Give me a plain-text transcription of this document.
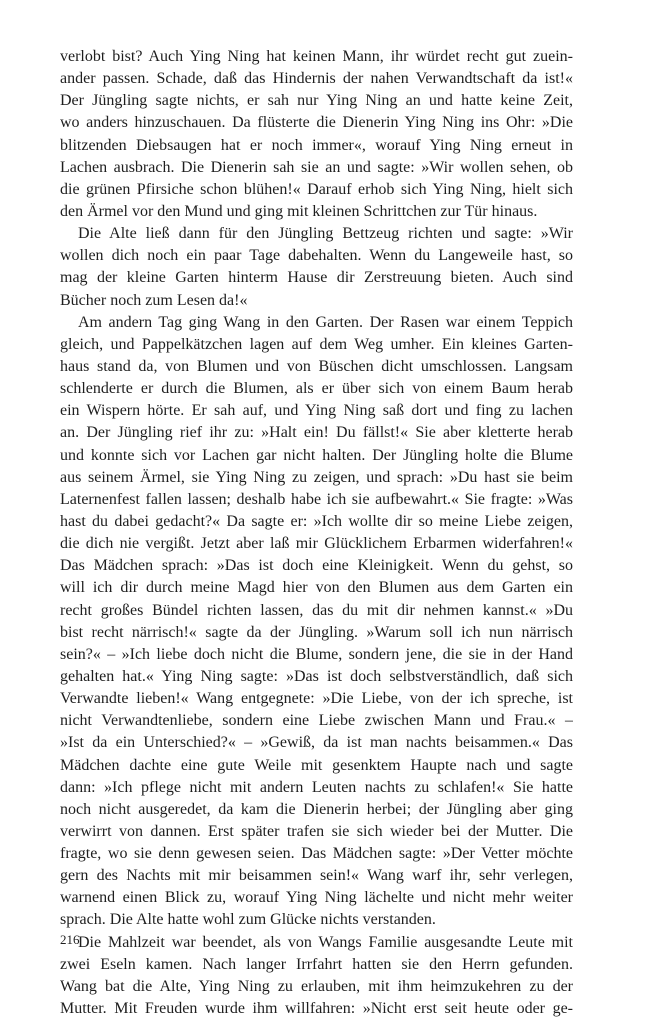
verlobt bist? Auch Ying Ning hat keinen Mann, ihr würdet recht gut zuein-
ander passen. Schade, daß das Hindernis der nahen Verwandtschaft da ist!«
Der Jüngling sagte nichts, er sah nur Ying Ning an und hatte keine Zeit,
wo anders hinzuschauen. Da flüsterte die Dienerin Ying Ning ins Ohr: »Die
blitzenden Diebsaugen hat er noch immer«, worauf Ying Ning erneut in
Lachen ausbrach. Die Dienerin sah sie an und sagte: »Wir wollen sehen, ob
die grünen Pfirsiche schon blühen!« Darauf erhob sich Ying Ning, hielt sich
den Ärmel vor den Mund und ging mit kleinen Schrittchen zur Tür hinaus.
Die Alte ließ dann für den Jüngling Bettzeug richten und sagte: »Wir
wollen dich noch ein paar Tage dabehalten. Wenn du Langeweile hast, so
mag der kleine Garten hinterm Hause dir Zerstreuung bieten. Auch sind
Bücher noch zum Lesen da!«
Am andern Tag ging Wang in den Garten. Der Rasen war einem Teppich
gleich, und Pappelkätzchen lagen auf dem Weg umher. Ein kleines Garten-
haus stand da, von Blumen und von Büschen dicht umschlossen. Langsam
schlenderte er durch die Blumen, als er über sich von einem Baum herab
ein Wispern hörte. Er sah auf, und Ying Ning saß dort und fing zu lachen
an. Der Jüngling rief ihr zu: »Halt ein! Du fällst!« Sie aber kletterte herab
und konnte sich vor Lachen gar nicht halten. Der Jüngling holte die Blume
aus seinem Ärmel, sie Ying Ning zu zeigen, und sprach: »Du hast sie beim
Laternenfest fallen lassen; deshalb habe ich sie aufbewahrt.« Sie fragte: »Was
hast du dabei gedacht?« Da sagte er: »Ich wollte dir so meine Liebe zeigen,
die dich nie vergißt. Jetzt aber laß mir Glücklichem Erbarmen widerfahren!«
Das Mädchen sprach: »Das ist doch eine Kleinigkeit. Wenn du gehst, so
will ich dir durch meine Magd hier von den Blumen aus dem Garten ein
recht großes Bündel richten lassen, das du mit dir nehmen kannst.« »Du
bist recht närrisch!« sagte da der Jüngling. »Warum soll ich nun närrisch
sein?« – »Ich liebe doch nicht die Blume, sondern jene, die sie in der Hand
gehalten hat.« Ying Ning sagte: »Das ist doch selbstverständlich, daß sich
Verwandte lieben!« Wang entgegnete: »Die Liebe, von der ich spreche, ist
nicht Verwandtenliebe, sondern eine Liebe zwischen Mann und Frau.« –
»Ist da ein Unterschied?« – »Gewiß, da ist man nachts beisammen.« Das
Mädchen dachte eine gute Weile mit gesenktem Haupte nach und sagte
dann: »Ich pflege nicht mit andern Leuten nachts zu schlafen!« Sie hatte
noch nicht ausgeredet, da kam die Dienerin herbei; der Jüngling aber ging
verwirrt von dannen. Erst später trafen sie sich wieder bei der Mutter. Die
fragte, wo sie denn gewesen seien. Das Mädchen sagte: »Der Vetter möchte
gern des Nachts mit mir beisammen sein!« Wang warf ihr, sehr verlegen,
warnend einen Blick zu, worauf Ying Ning lächelte und nicht mehr weiter
sprach. Die Alte hatte wohl zum Glücke nichts verstanden.
Die Mahlzeit war beendet, als von Wangs Familie ausgesandte Leute mit
zwei Eseln kamen. Nach langer Irrfahrt hatten sie den Herrn gefunden.
Wang bat die Alte, Ying Ning zu erlauben, mit ihm heimzukehren zu der
Mutter. Mit Freuden wurde ihm willfahren: »Nicht erst seit heute oder ge-
216
